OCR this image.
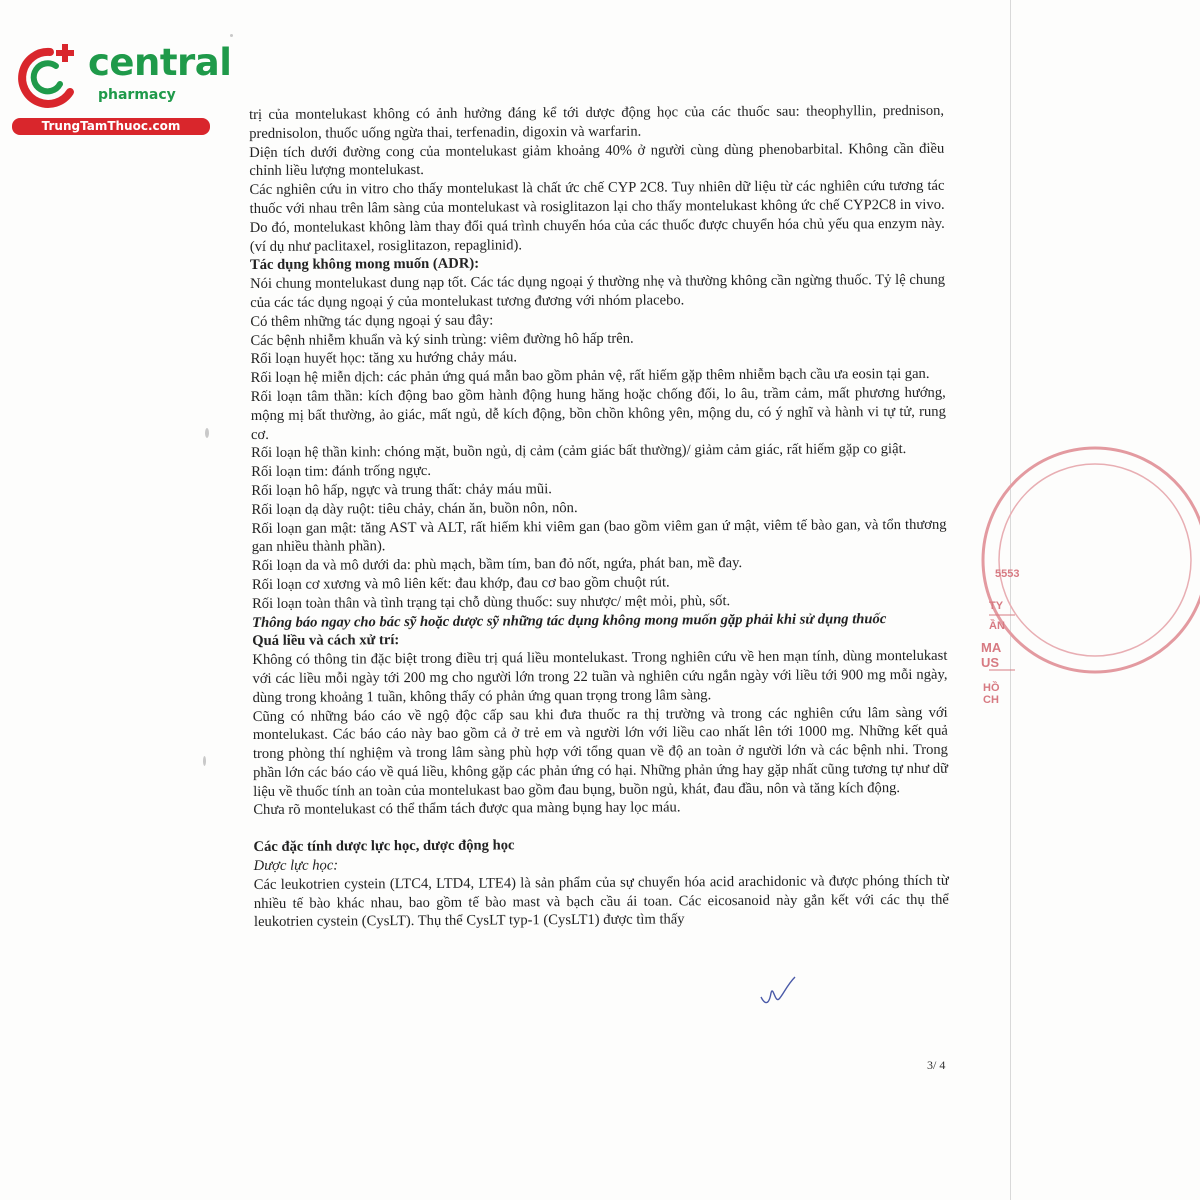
central
pharmacy
TrungTamThuoc.com

trị của montelukast không có ảnh hưởng đáng kể tới dược động học của các thuốc sau: theophyllin, prednison, prednisolon, thuốc uống ngừa thai, terfenadin, digoxin và warfarin.

Diện tích dưới đường cong của montelukast giảm khoảng 40% ở người cùng dùng phenobarbital. Không cần điều chỉnh liều lượng montelukast.

Các nghiên cứu in vitro cho thấy montelukast là chất ức chế CYP 2C8. Tuy nhiên dữ liệu từ các nghiên cứu tương tác thuốc với nhau trên lâm sàng của montelukast và rosiglitazon lại cho thấy montelukast không ức chế CYP2C8 in vivo. Do đó, montelukast không làm thay đổi quá trình chuyển hóa của các thuốc được chuyển hóa chủ yếu qua enzym này. (ví dụ như paclitaxel, rosiglitazon, repaglinid).

Tác dụng không mong muốn (ADR):

Nói chung montelukast dung nạp tốt. Các tác dụng ngoại ý thường nhẹ và thường không cần ngừng thuốc. Tỷ lệ chung của các tác dụng ngoại ý của montelukast tương đương với nhóm placebo.

Có thêm những tác dụng ngoại ý sau đây:

Các bệnh nhiễm khuẩn và ký sinh trùng: viêm đường hô hấp trên.

Rối loạn huyết học: tăng xu hướng chảy máu.

Rối loạn hệ miễn dịch: các phản ứng quá mẫn bao gồm phản vệ, rất hiếm gặp thêm nhiễm bạch cầu ưa eosin tại gan.

Rối loạn tâm thần: kích động bao gồm hành động hung hăng hoặc chống đối, lo âu, trầm cảm, mất phương hướng, mộng mị bất thường, ảo giác, mất ngủ, dễ kích động, bồn chồn không yên, mộng du, có ý nghĩ và hành vi tự tử, rung cơ.

Rối loạn hệ thần kinh: chóng mặt, buồn ngủ, dị cảm (cảm giác bất thường)/ giảm cảm giác, rất hiếm gặp co giật.

Rối loạn tim: đánh trống ngực.

Rối loạn hô hấp, ngực và trung thất: chảy máu mũi.

Rối loạn dạ dày ruột: tiêu chảy, chán ăn, buồn nôn, nôn.

Rối loạn gan mật: tăng AST và ALT, rất hiếm khi viêm gan (bao gồm viêm gan ứ mật, viêm tế bào gan, và tổn thương gan nhiều thành phần).

Rối loạn da và mô dưới da: phù mạch, bầm tím, ban đỏ nốt, ngứa, phát ban, mề đay.

Rối loạn cơ xương và mô liên kết: đau khớp, đau cơ bao gồm chuột rút.

Rối loạn toàn thân và tình trạng tại chỗ dùng thuốc: suy nhược/ mệt mỏi, phù, sốt.

Thông báo ngay cho bác sỹ hoặc dược sỹ những tác dụng không mong muốn gặp phải khi sử dụng thuốc

Quá liều và cách xử trí:

Không có thông tin đặc biệt trong điều trị quá liều montelukast. Trong nghiên cứu về hen mạn tính, dùng montelukast với các liều mỗi ngày tới 200 mg cho người lớn trong 22 tuần và nghiên cứu ngắn ngày với liều tới 900 mg mỗi ngày, dùng trong khoảng 1 tuần, không thấy có phản ứng quan trọng trong lâm sàng.

Cũng có những báo cáo về ngộ độc cấp sau khi đưa thuốc ra thị trường và trong các nghiên cứu lâm sàng với montelukast. Các báo cáo này bao gồm cả ở trẻ em và người lớn với liều cao nhất lên tới 1000 mg. Những kết quả trong phòng thí nghiệm và trong lâm sàng phù hợp với tổng quan về độ an toàn ở người lớn và các bệnh nhi. Trong phần lớn các báo cáo về quá liều, không gặp các phản ứng có hại. Những phản ứng hay gặp nhất cũng tương tự như dữ liệu về thuốc tính an toàn của montelukast bao gồm đau bụng, buồn ngủ, khát, đau đầu, nôn và tăng kích động.

Chưa rõ montelukast có thể thẩm tách được qua màng bụng hay lọc máu.

Các đặc tính dược lực học, dược động học

Dược lực học:

Các leukotrien cystein (LTC4, LTD4, LTE4) là sản phẩm của sự chuyển hóa acid arachidonic và được phóng thích từ nhiều tế bào khác nhau, bao gồm tế bào mast và bạch cầu ái toan. Các eicosanoid này gắn kết với các thụ thể leukotrien cystein (CysLT). Thụ thể CysLT typ-1 (CysLT1) được tìm thấy

5553
TY
ẦN
MA US
HỒ CH
3/ 4
